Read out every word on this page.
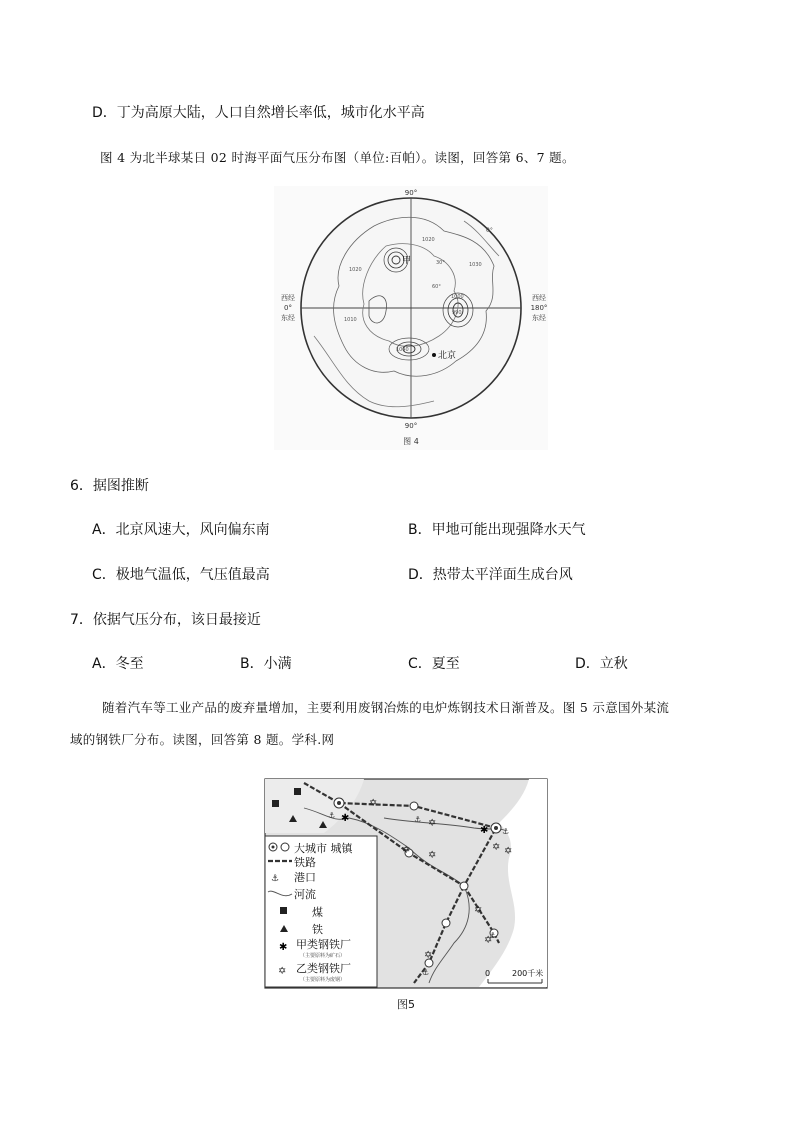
D．丁为高原大陆，人口自然增长率低，城市化水平高
图 4 为北半球某日 02 时海平面气压分布图（单位:百帕）。读图，回答第 6、7 题。
90°
90°
西经
180°
东经
西经
0°
东经
0°
甲
北京
1020
1020
1000
1010
990
1040
1030
30°
60°
图 4
6．据图推断
A．北京风速大，风向偏东南	B．甲地可能出现强降水天气
C．极地气温低，气压值最高	D．热带太平洋面生成台风
7．依据气压分布，该日最接近
A．冬至	B．小满	C．夏至	D．立秋
随着汽车等工业产品的废弃量增加，主要利用废钢冶炼的电炉炼钢技术日渐普及。图 5 示意国外某流
域的钢铁厂分布。读图，回答第 8 题。学科.网
✡
✡
✡ ✡	✡
✡
✡
✡
✡
✱
✱
⚓	⚓
⚓
⚓
⚓
大城市 城镇
铁路
⚓ 港口
河流
煤
铁
✱ 甲类钢铁厂
（主要原料为矿石）
✡ 乙类钢铁厂
（主要原料为废钢）
0	200千米
图5
